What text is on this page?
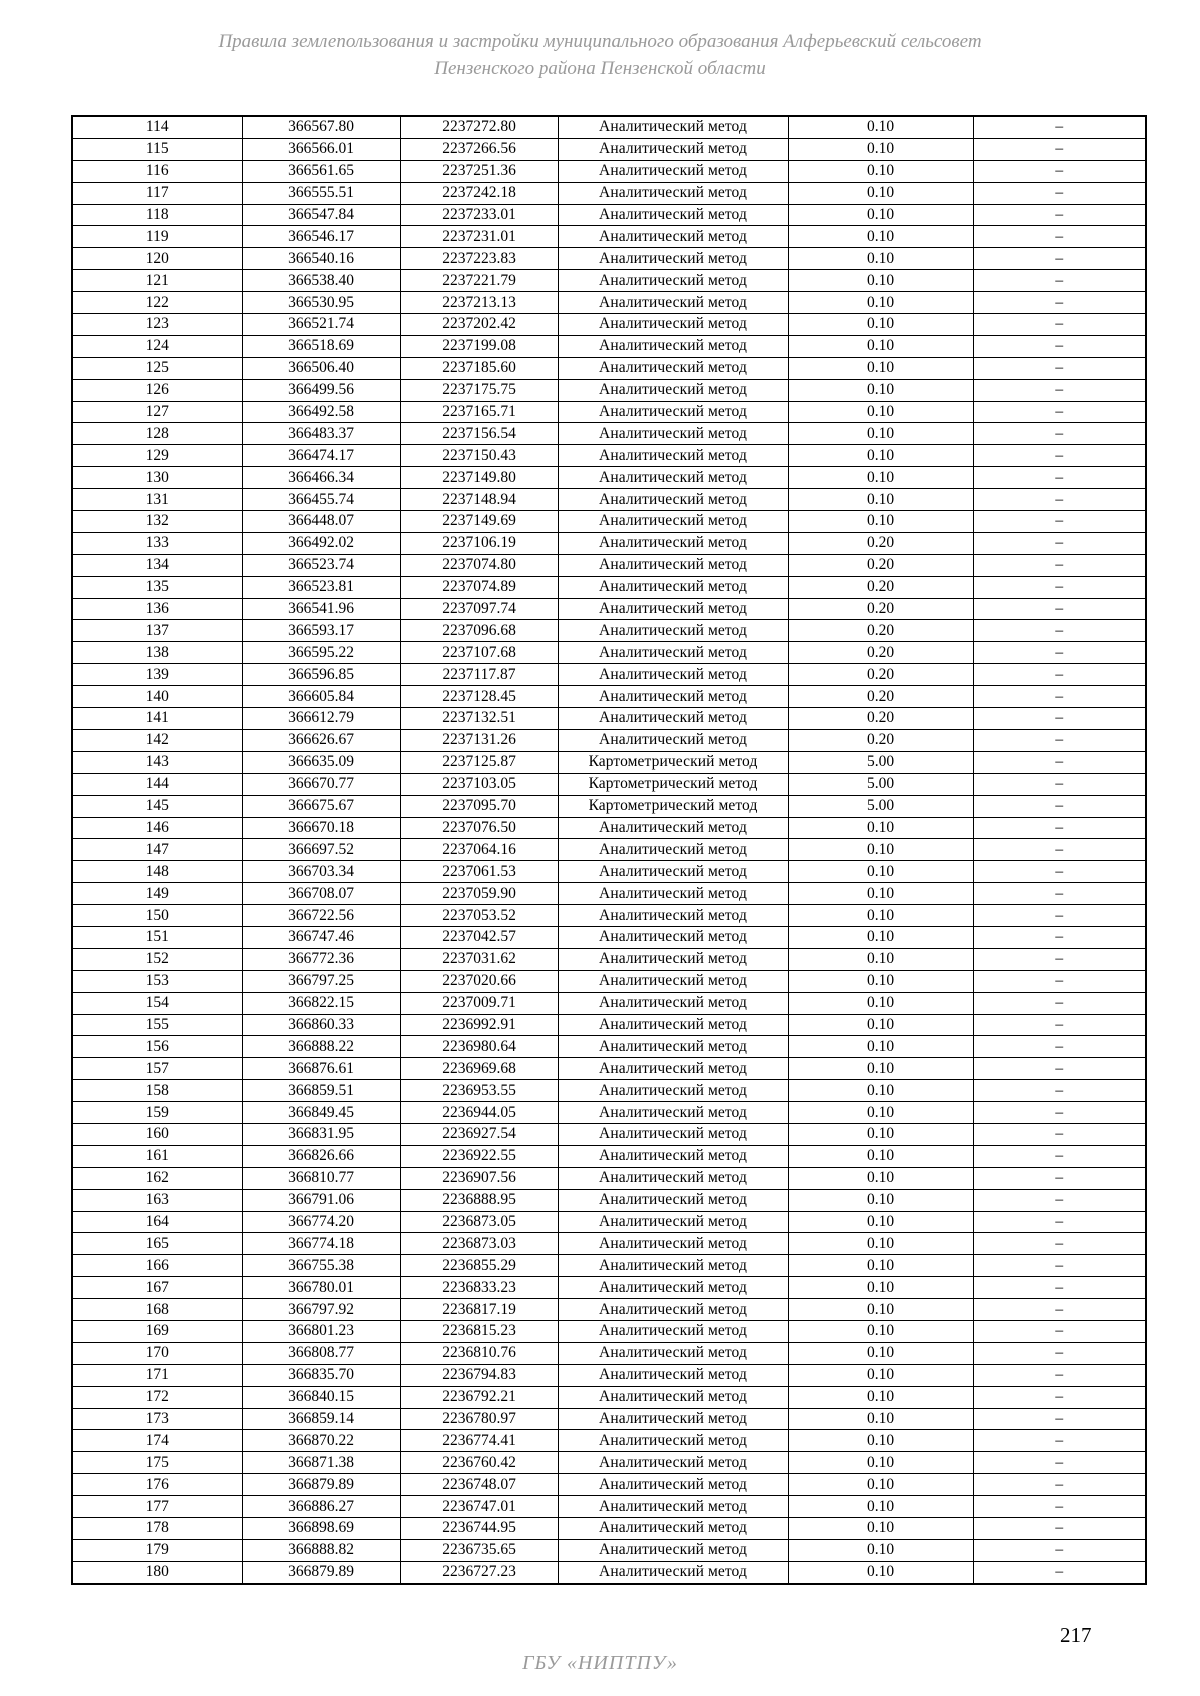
Правила землепользования и застройки муниципального образования Алферьевский сельсовет
Пензенского района Пензенской области
114	366567.80	2237272.80	Аналитический метод	0.10	–
115	366566.01	2237266.56	Аналитический метод	0.10	–
116	366561.65	2237251.36	Аналитический метод	0.10	–
117	366555.51	2237242.18	Аналитический метод	0.10	–
118	366547.84	2237233.01	Аналитический метод	0.10	–
119	366546.17	2237231.01	Аналитический метод	0.10	–
120	366540.16	2237223.83	Аналитический метод	0.10	–
121	366538.40	2237221.79	Аналитический метод	0.10	–
122	366530.95	2237213.13	Аналитический метод	0.10	–
123	366521.74	2237202.42	Аналитический метод	0.10	–
124	366518.69	2237199.08	Аналитический метод	0.10	–
125	366506.40	2237185.60	Аналитический метод	0.10	–
126	366499.56	2237175.75	Аналитический метод	0.10	–
127	366492.58	2237165.71	Аналитический метод	0.10	–
128	366483.37	2237156.54	Аналитический метод	0.10	–
129	366474.17	2237150.43	Аналитический метод	0.10	–
130	366466.34	2237149.80	Аналитический метод	0.10	–
131	366455.74	2237148.94	Аналитический метод	0.10	–
132	366448.07	2237149.69	Аналитический метод	0.10	–
133	366492.02	2237106.19	Аналитический метод	0.20	–
134	366523.74	2237074.80	Аналитический метод	0.20	–
135	366523.81	2237074.89	Аналитический метод	0.20	–
136	366541.96	2237097.74	Аналитический метод	0.20	–
137	366593.17	2237096.68	Аналитический метод	0.20	–
138	366595.22	2237107.68	Аналитический метод	0.20	–
139	366596.85	2237117.87	Аналитический метод	0.20	–
140	366605.84	2237128.45	Аналитический метод	0.20	–
141	366612.79	2237132.51	Аналитический метод	0.20	–
142	366626.67	2237131.26	Аналитический метод	0.20	–
143	366635.09	2237125.87	Картометрический метод	5.00	–
144	366670.77	2237103.05	Картометрический метод	5.00	–
145	366675.67	2237095.70	Картометрический метод	5.00	–
146	366670.18	2237076.50	Аналитический метод	0.10	–
147	366697.52	2237064.16	Аналитический метод	0.10	–
148	366703.34	2237061.53	Аналитический метод	0.10	–
149	366708.07	2237059.90	Аналитический метод	0.10	–
150	366722.56	2237053.52	Аналитический метод	0.10	–
151	366747.46	2237042.57	Аналитический метод	0.10	–
152	366772.36	2237031.62	Аналитический метод	0.10	–
153	366797.25	2237020.66	Аналитический метод	0.10	–
154	366822.15	2237009.71	Аналитический метод	0.10	–
155	366860.33	2236992.91	Аналитический метод	0.10	–
156	366888.22	2236980.64	Аналитический метод	0.10	–
157	366876.61	2236969.68	Аналитический метод	0.10	–
158	366859.51	2236953.55	Аналитический метод	0.10	–
159	366849.45	2236944.05	Аналитический метод	0.10	–
160	366831.95	2236927.54	Аналитический метод	0.10	–
161	366826.66	2236922.55	Аналитический метод	0.10	–
162	366810.77	2236907.56	Аналитический метод	0.10	–
163	366791.06	2236888.95	Аналитический метод	0.10	–
164	366774.20	2236873.05	Аналитический метод	0.10	–
165	366774.18	2236873.03	Аналитический метод	0.10	–
166	366755.38	2236855.29	Аналитический метод	0.10	–
167	366780.01	2236833.23	Аналитический метод	0.10	–
168	366797.92	2236817.19	Аналитический метод	0.10	–
169	366801.23	2236815.23	Аналитический метод	0.10	–
170	366808.77	2236810.76	Аналитический метод	0.10	–
171	366835.70	2236794.83	Аналитический метод	0.10	–
172	366840.15	2236792.21	Аналитический метод	0.10	–
173	366859.14	2236780.97	Аналитический метод	0.10	–
174	366870.22	2236774.41	Аналитический метод	0.10	–
175	366871.38	2236760.42	Аналитический метод	0.10	–
176	366879.89	2236748.07	Аналитический метод	0.10	–
177	366886.27	2236747.01	Аналитический метод	0.10	–
178	366898.69	2236744.95	Аналитический метод	0.10	–
179	366888.82	2236735.65	Аналитический метод	0.10	–
180	366879.89	2236727.23	Аналитический метод	0.10	–
217
ГБУ «НИПТПУ»
